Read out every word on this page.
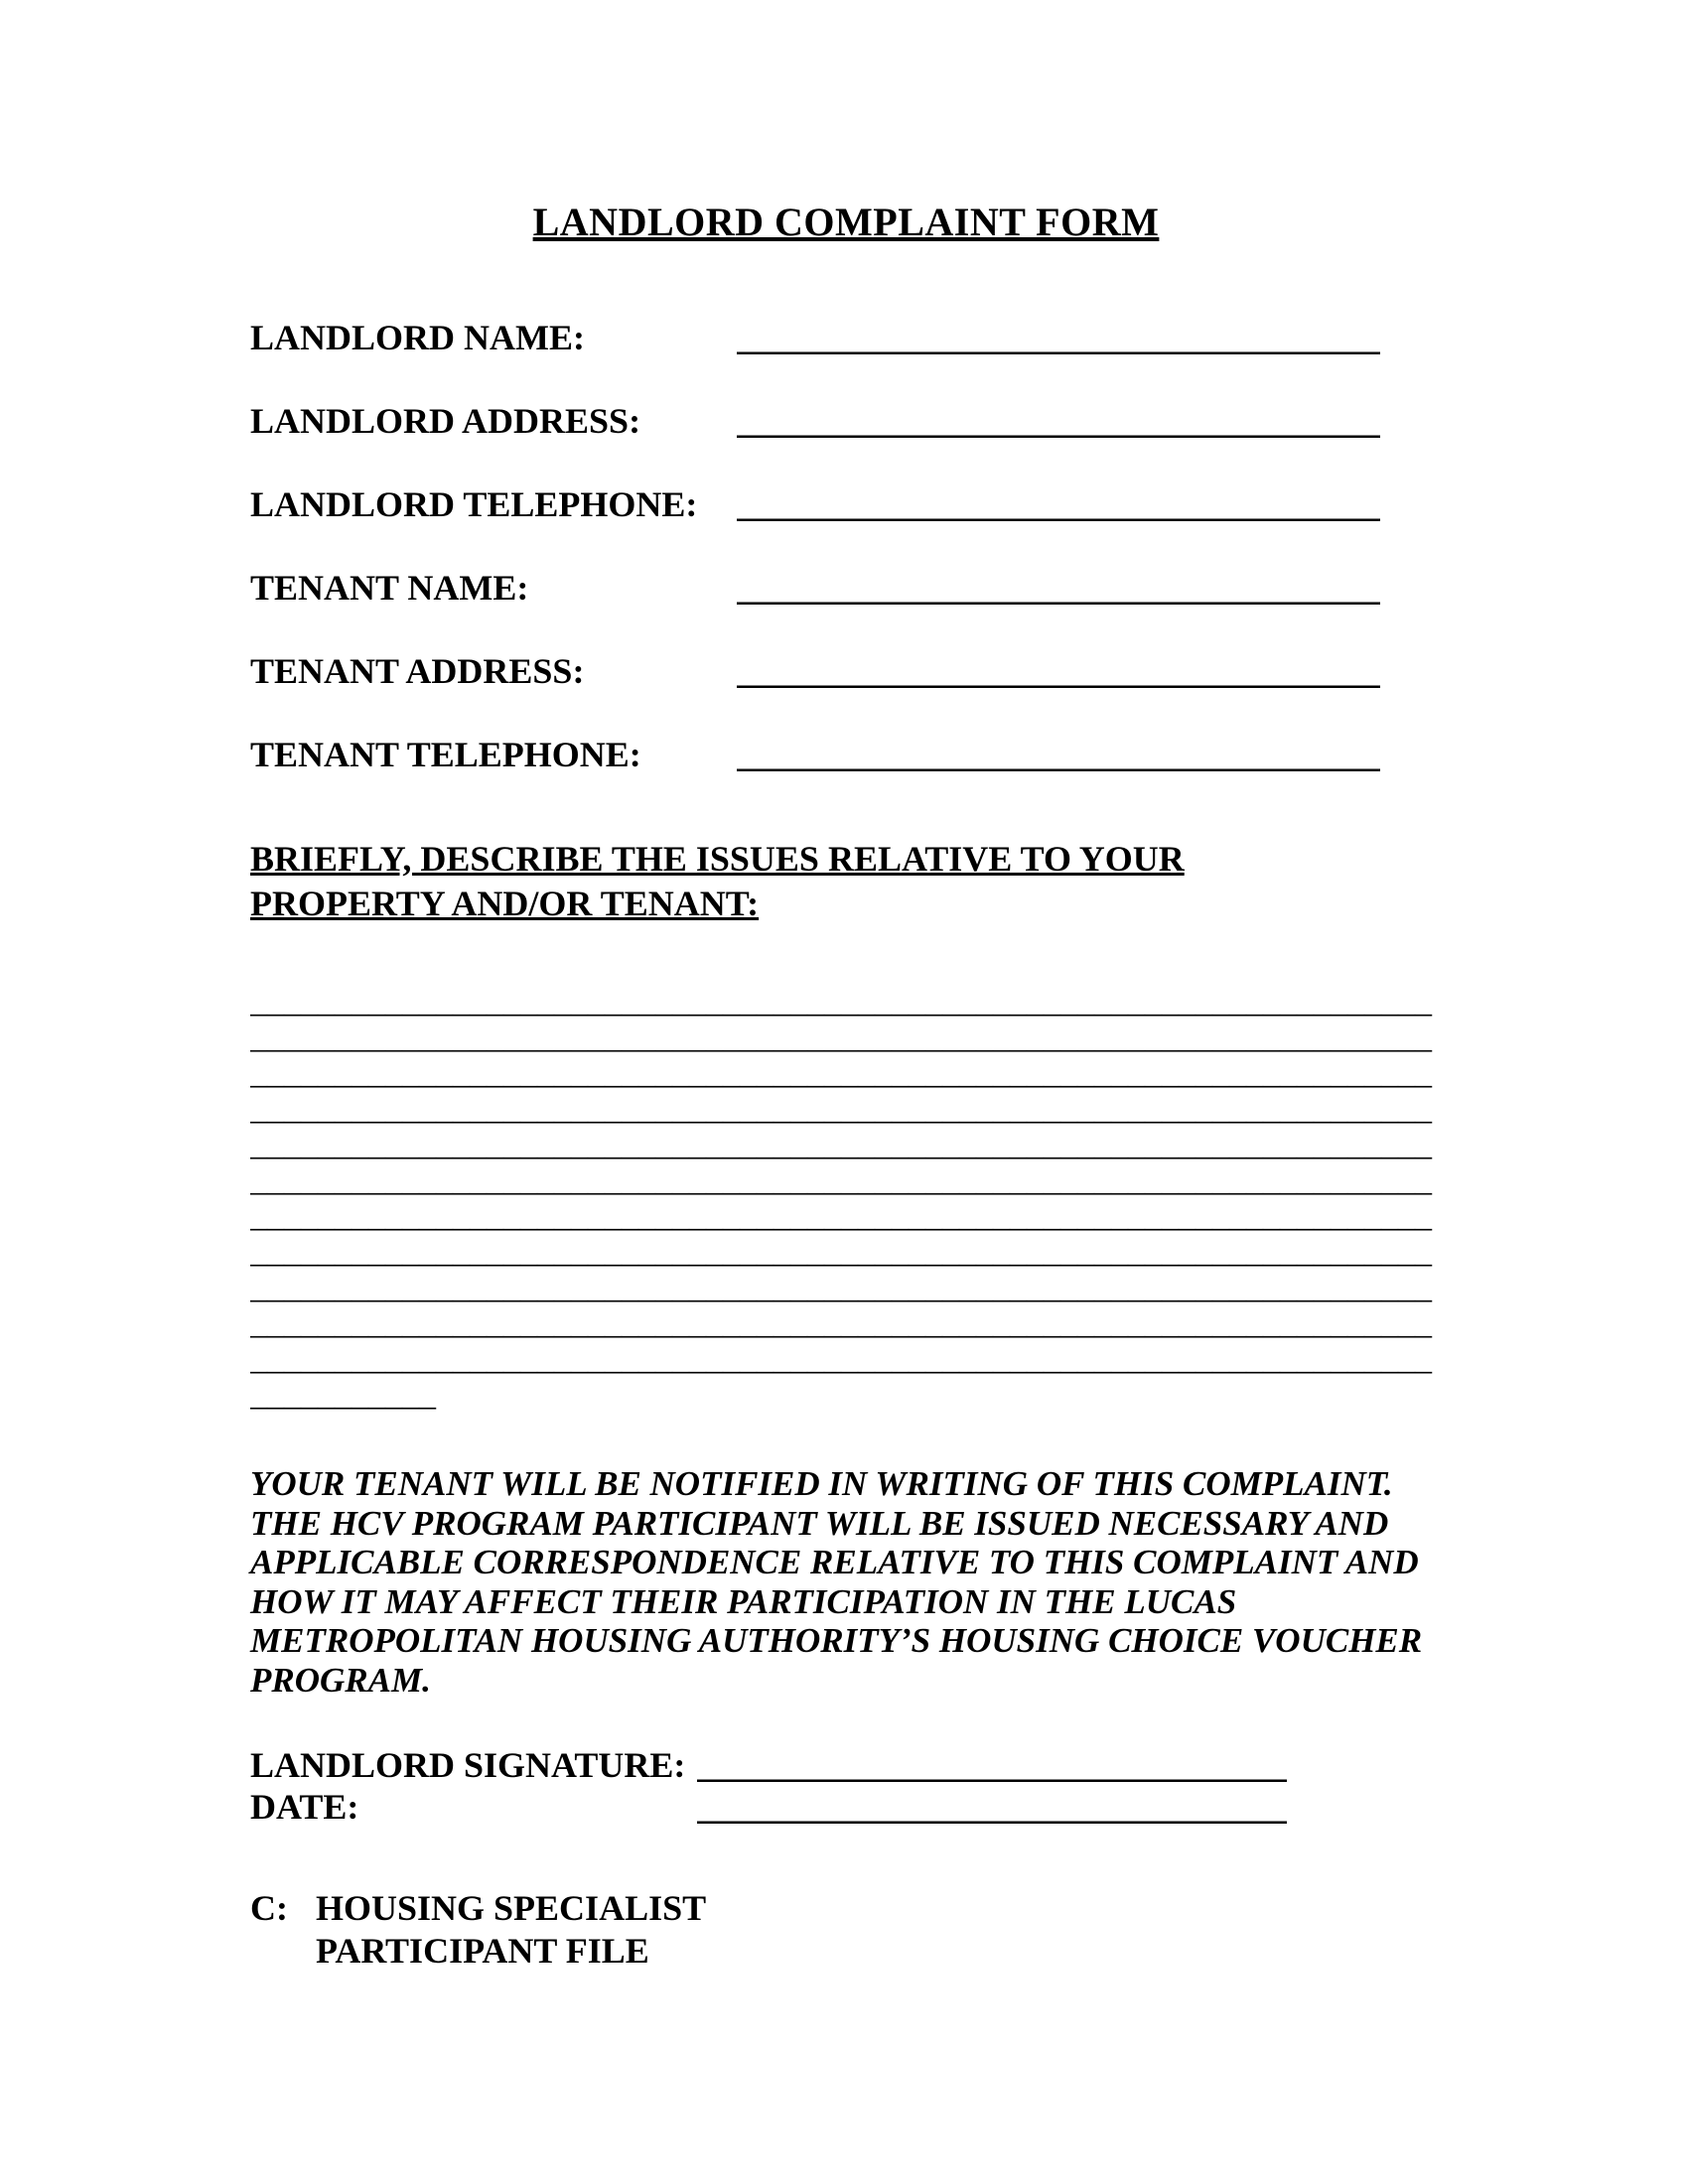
LANDLORD COMPLAINT FORM
LANDLORD NAME:	____________________________________
LANDLORD ADDRESS:	____________________________________
LANDLORD TELEPHONE:	____________________________________
TENANT NAME:	____________________________________
TENANT ADDRESS:	____________________________________
TENANT TELEPHONE:	____________________________________
BRIEFLY, DESCRIBE THE ISSUES RELATIVE TO YOUR PROPERTY AND/OR TENANT:
______________________________________________________________________
______________________________________________________________________
______________________________________________________________________
______________________________________________________________________
______________________________________________________________________
______________________________________________________________________
______________________________________________________________________
______________________________________________________________________
______________________________________________________________________
______________________________________________________________________
______________________________________________________________________
___________

YOUR TENANT WILL BE NOTIFIED IN WRITING OF THIS COMPLAINT.  THE HCV PROGRAM PARTICIPANT WILL BE ISSUED NECESSARY AND APPLICABLE CORRESPONDENCE RELATIVE TO THIS COMPLAINT AND HOW IT MAY AFFECT THEIR PARTICIPATION IN THE LUCAS METROPOLITAN HOUSING AUTHORITY’S HOUSING CHOICE VOUCHER PROGRAM.

LANDLORD SIGNATURE: _________________________________
DATE:	_________________________________
C: HOUSING SPECIALIST
PARTICIPANT FILE
